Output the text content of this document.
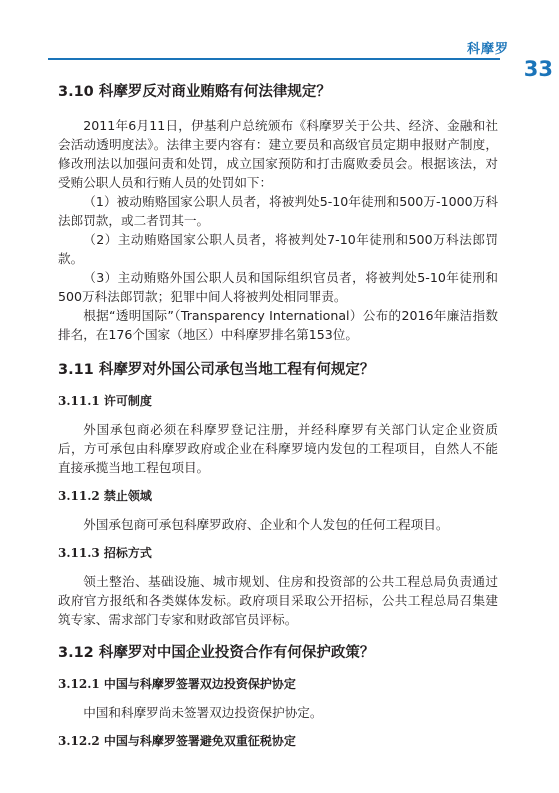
科摩罗
33
3.10 科摩罗反对商业贿赂有何法律规定？

2011年6月11日，伊基利户总统颁布《科摩罗关于公共、经济、金融和社会活动透明度法》。法律主要内容有：建立要员和高级官员定期申报财产制度，修改刑法以加强问责和处罚，成立国家预防和打击腐败委员会。根据该法，对受贿公职人员和行贿人员的处罚如下：

（1）被动贿赂国家公职人员者，将被判处5-10年徒刑和500万-1000万科法郎罚款，或二者罚其一。

（2）主动贿赂国家公职人员者，将被判处7-10年徒刑和500万科法郎罚款。

（3）主动贿赂外国公职人员和国际组织官员者，将被判处5-10年徒刑和500万科法郎罚款；犯罪中间人将被判处相同罪责。

根据“透明国际”（Transparency International）公布的2016年廉洁指数排名，在176个国家（地区）中科摩罗排名第153位。

3.11 科摩罗对外国公司承包当地工程有何规定？
3.11.1 许可制度

外国承包商必须在科摩罗登记注册，并经科摩罗有关部门认定企业资质后，方可承包由科摩罗政府或企业在科摩罗境内发包的工程项目，自然人不能直接承揽当地工程包项目。

3.11.2 禁止领域

外国承包商可承包科摩罗政府、企业和个人发包的任何工程项目。

3.11.3 招标方式

领土整治、基础设施、城市规划、住房和投资部的公共工程总局负责通过政府官方报纸和各类媒体发标。政府项目采取公开招标，公共工程总局召集建筑专家、需求部门专家和财政部官员评标。

3.12 科摩罗对中国企业投资合作有何保护政策？
3.12.1 中国与科摩罗签署双边投资保护协定

中国和科摩罗尚未签署双边投资保护协定。

3.12.2 中国与科摩罗签署避免双重征税协定
